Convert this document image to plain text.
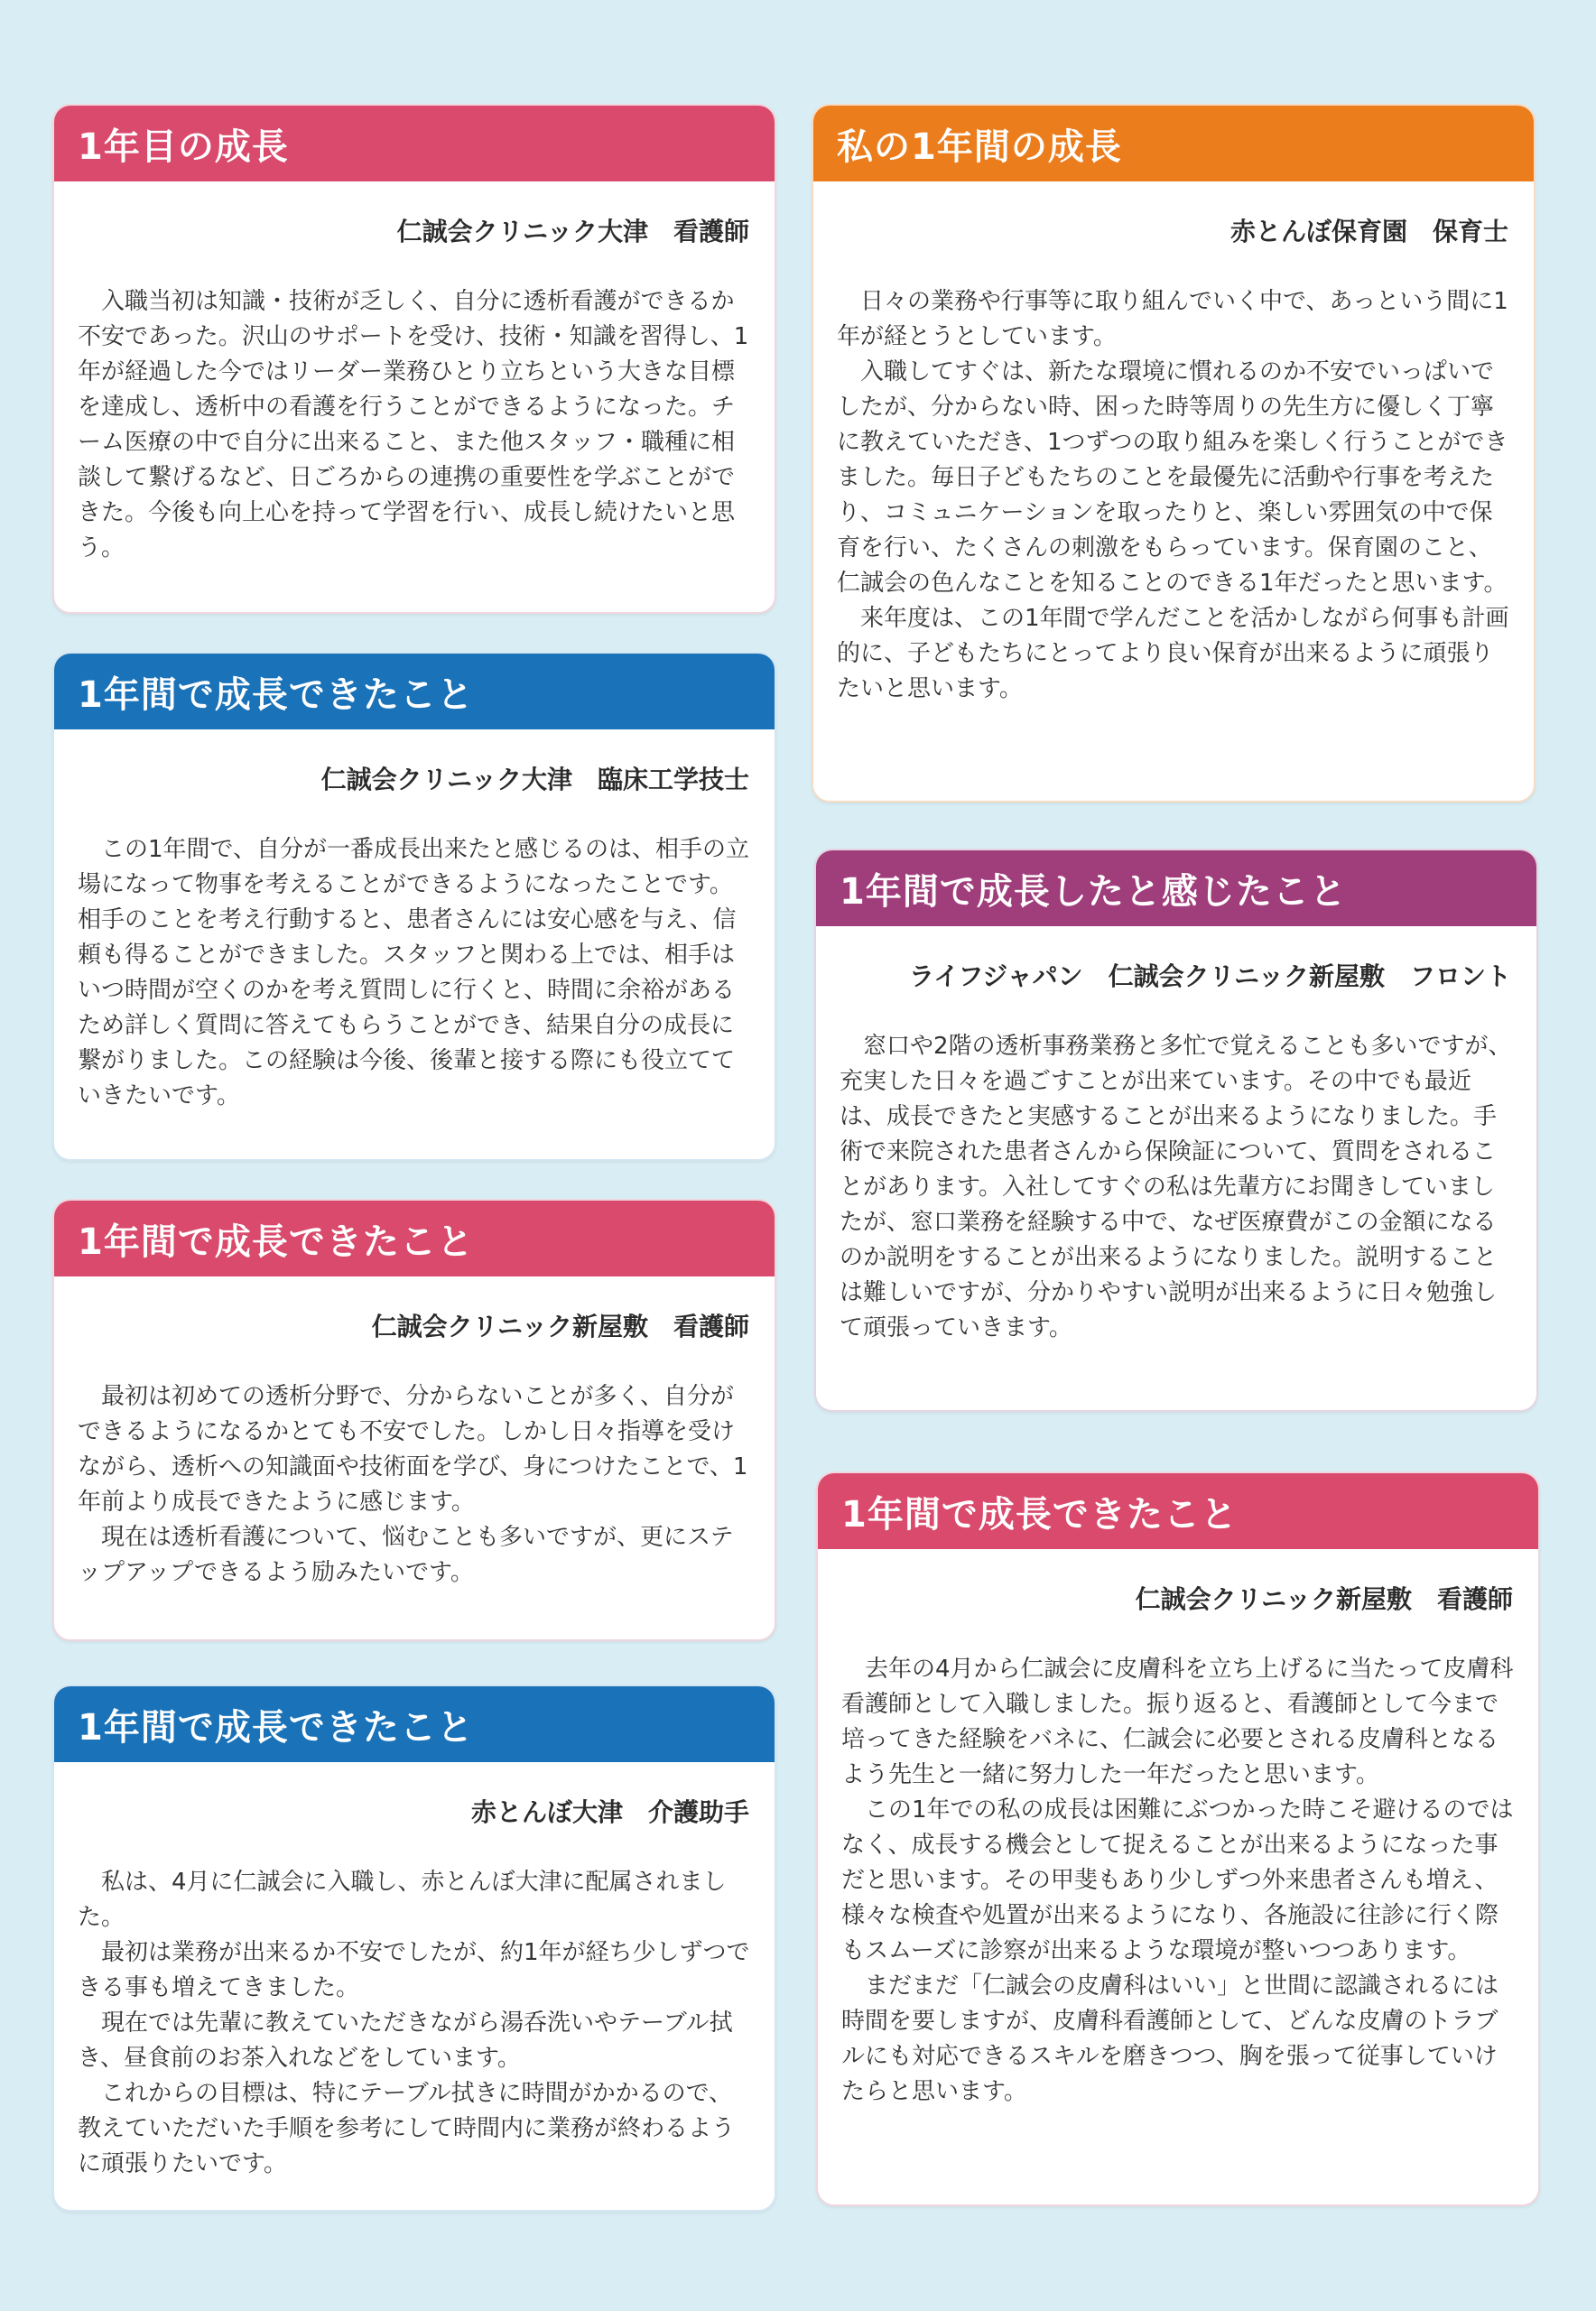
1年目の成長
仁誠会クリニック大津　看護師

入職当初は知識・技術が乏しく、自分に透析看護ができるか不安であった。沢山のサポートを受け、技術・知識を習得し、1年が経過した今ではリーダー業務ひとり立ちという大きな目標を達成し、透析中の看護を行うことができるようになった。チーム医療の中で自分に出来ること、また他スタッフ・職種に相談して繋げるなど、日ごろからの連携の重要性を学ぶことができた。今後も向上心を持って学習を行い、成長し続けたいと思う。

1年間で成長できたこと
仁誠会クリニック大津　臨床工学技士

この1年間で、自分が一番成長出来たと感じるのは、相手の立場になって物事を考えることができるようになったことです。相手のことを考え行動すると、患者さんには安心感を与え、信頼も得ることができました。スタッフと関わる上では、相手はいつ時間が空くのかを考え質問しに行くと、時間に余裕があるため詳しく質問に答えてもらうことができ、結果自分の成長に繋がりました。この経験は今後、後輩と接する際にも役立てていきたいです。

1年間で成長できたこと
仁誠会クリニック新屋敷　看護師

最初は初めての透析分野で、分からないことが多く、自分ができるようになるかとても不安でした。しかし日々指導を受けながら、透析への知識面や技術面を学び、身につけたことで、1年前より成長できたように感じます。

現在は透析看護について、悩むことも多いですが、更にステップアップできるよう励みたいです。

1年間で成長できたこと
赤とんぼ大津　介護助手

私は、4月に仁誠会に入職し、赤とんぼ大津に配属されました。

最初は業務が出来るか不安でしたが、約1年が経ち少しずつできる事も増えてきました。

現在では先輩に教えていただきながら湯呑洗いやテーブル拭き、昼食前のお茶入れなどをしています。

これからの目標は、特にテーブル拭きに時間がかかるので、教えていただいた手順を参考にして時間内に業務が終わるように頑張りたいです。

私の1年間の成長
赤とんぼ保育園　保育士

日々の業務や行事等に取り組んでいく中で、あっという間に1年が経とうとしています。

入職してすぐは、新たな環境に慣れるのか不安でいっぱいでしたが、分からない時、困った時等周りの先生方に優しく丁寧に教えていただき、1つずつの取り組みを楽しく行うことができました。毎日子どもたちのことを最優先に活動や行事を考えたり、コミュニケーションを取ったりと、楽しい雰囲気の中で保育を行い、たくさんの刺激をもらっています。保育園のこと、仁誠会の色んなことを知ることのできる1年だったと思います。

来年度は、この1年間で学んだことを活かしながら何事も計画的に、子どもたちにとってより良い保育が出来るように頑張りたいと思います。

1年間で成長したと感じたこと
ライフジャパン　仁誠会クリニック新屋敷　フロント

窓口や2階の透析事務業務と多忙で覚えることも多いですが、充実した日々を過ごすことが出来ています。その中でも最近は、成長できたと実感することが出来るようになりました。手術で来院された患者さんから保険証について、質問をされることがあります。入社してすぐの私は先輩方にお聞きしていましたが、窓口業務を経験する中で、なぜ医療費がこの金額になるのか説明をすることが出来るようになりました。説明することは難しいですが、分かりやすい説明が出来るように日々勉強して頑張っていきます。

1年間で成長できたこと
仁誠会クリニック新屋敷　看護師

去年の4月から仁誠会に皮膚科を立ち上げるに当たって皮膚科看護師として入職しました。振り返ると、看護師として今まで培ってきた経験をバネに、仁誠会に必要とされる皮膚科となるよう先生と一緒に努力した一年だったと思います。

この1年での私の成長は困難にぶつかった時こそ避けるのではなく、成長する機会として捉えることが出来るようになった事だと思います。その甲斐もあり少しずつ外来患者さんも増え、様々な検査や処置が出来るようになり、各施設に往診に行く際もスムーズに診察が出来るような環境が整いつつあります。

まだまだ「仁誠会の皮膚科はいい」と世間に認識されるには時間を要しますが、皮膚科看護師として、どんな皮膚のトラブルにも対応できるスキルを磨きつつ、胸を張って従事していけたらと思います。
